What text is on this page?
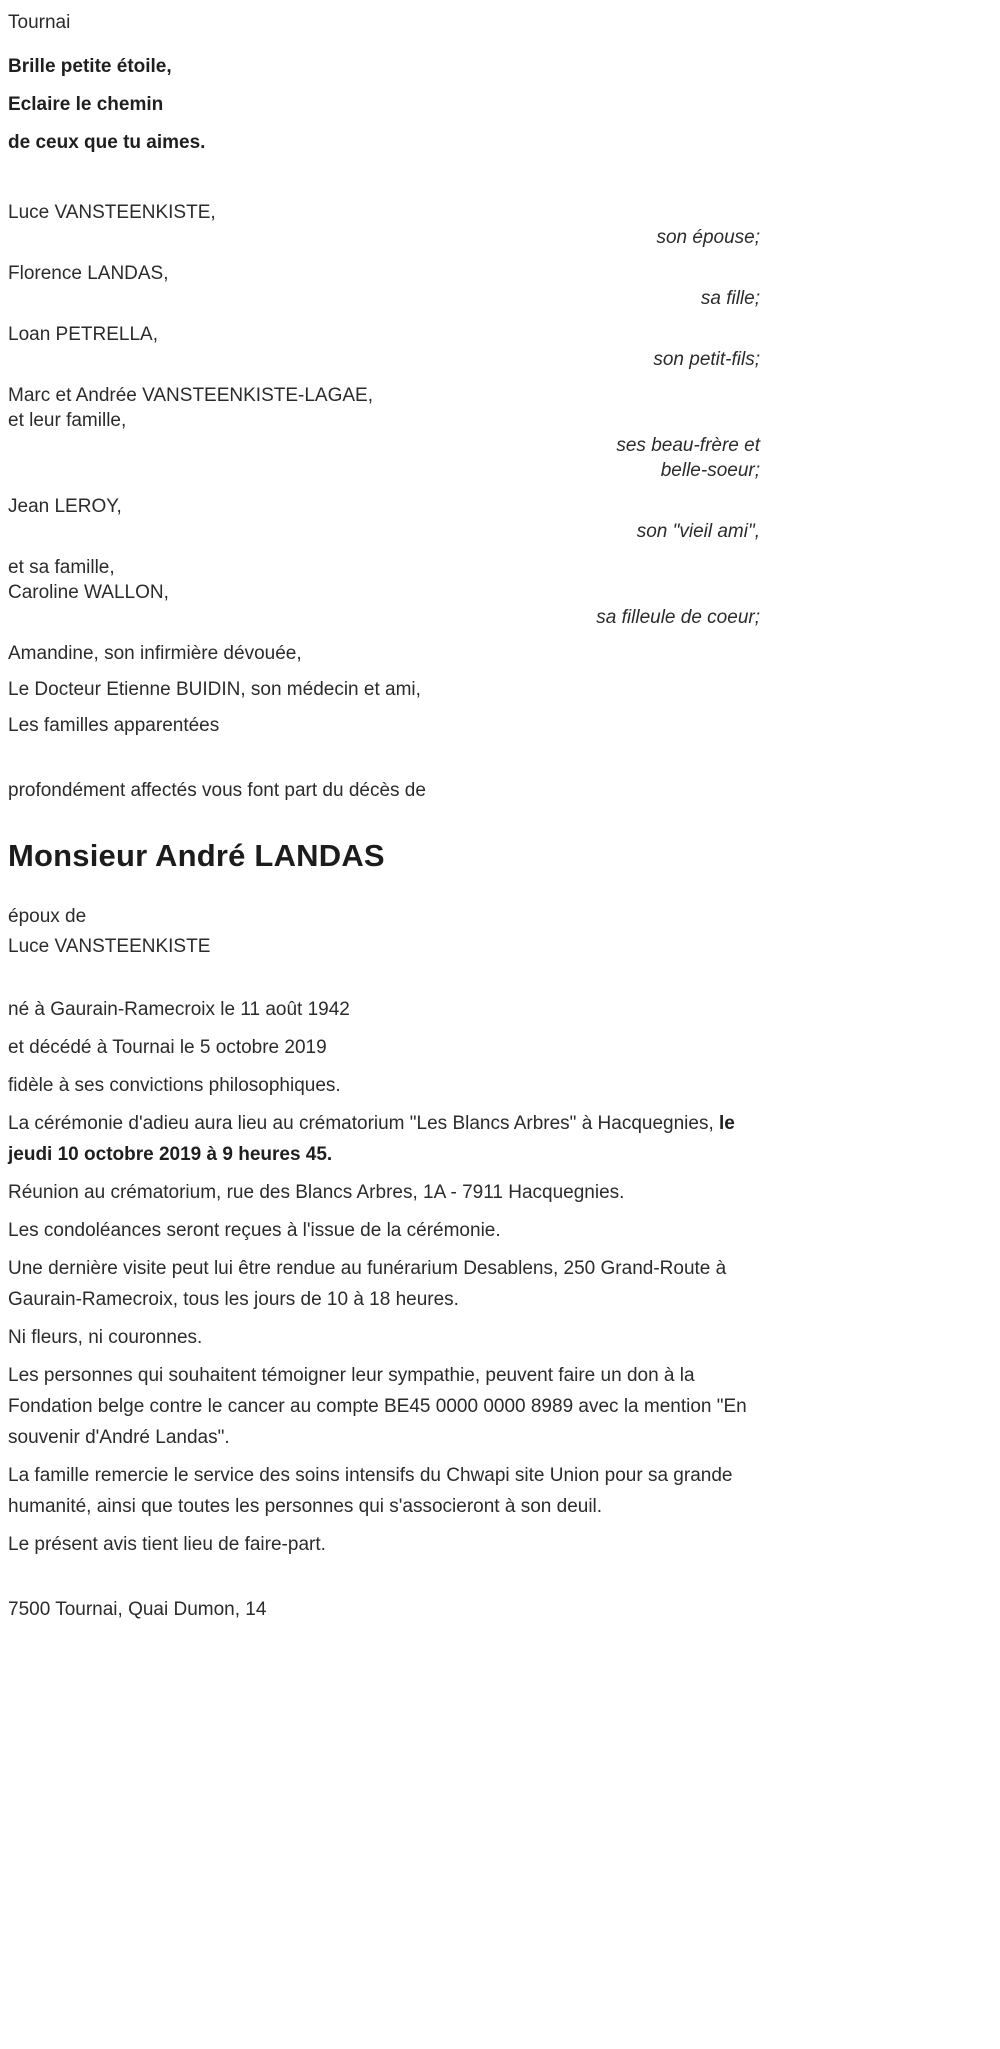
Tournai

Brille petite étoile,

Eclaire le chemin

de ceux que tu aimes.

Luce VANSTEENKISTE,

son épouse;

Florence LANDAS,

sa fille;

Loan PETRELLA,

son petit-fils;

Marc et Andrée VANSTEENKISTE-LAGAE,

et leur famille,

ses beau-frère et

belle-soeur;

Jean LEROY,

son "vieil ami",

et sa famille,

Caroline WALLON,

sa filleule de coeur;

Amandine, son infirmière dévouée,

Le Docteur Etienne BUIDIN, son médecin et ami,

Les familles apparentées

profondément affectés vous font part du décès de

Monsieur André LANDAS

époux de

Luce VANSTEENKISTE

né à Gaurain-Ramecroix le 11 août 1942

et décédé à Tournai le 5 octobre 2019

fidèle à ses convictions philosophiques.

La cérémonie d'adieu aura lieu au crématorium "Les Blancs Arbres" à Hacquegnies, le jeudi 10 octobre 2019 à 9 heures 45.

Réunion au crématorium, rue des Blancs Arbres, 1A - 7911 Hacquegnies.

Les condoléances seront reçues à l'issue de la cérémonie.

Une dernière visite peut lui être rendue au funérarium Desablens, 250 Grand-Route à Gaurain-Ramecroix, tous les jours de 10 à 18 heures.

Ni fleurs, ni couronnes.

Les personnes qui souhaitent témoigner leur sympathie, peuvent faire un don à la Fondation belge contre le cancer au compte BE45 0000 0000 8989 avec la mention "En souvenir d'André Landas".

La famille remercie le service des soins intensifs du Chwapi site Union pour sa grande humanité, ainsi que toutes les personnes qui s'associeront à son deuil.

Le présent avis tient lieu de faire-part.

7500 Tournai, Quai Dumon, 14
